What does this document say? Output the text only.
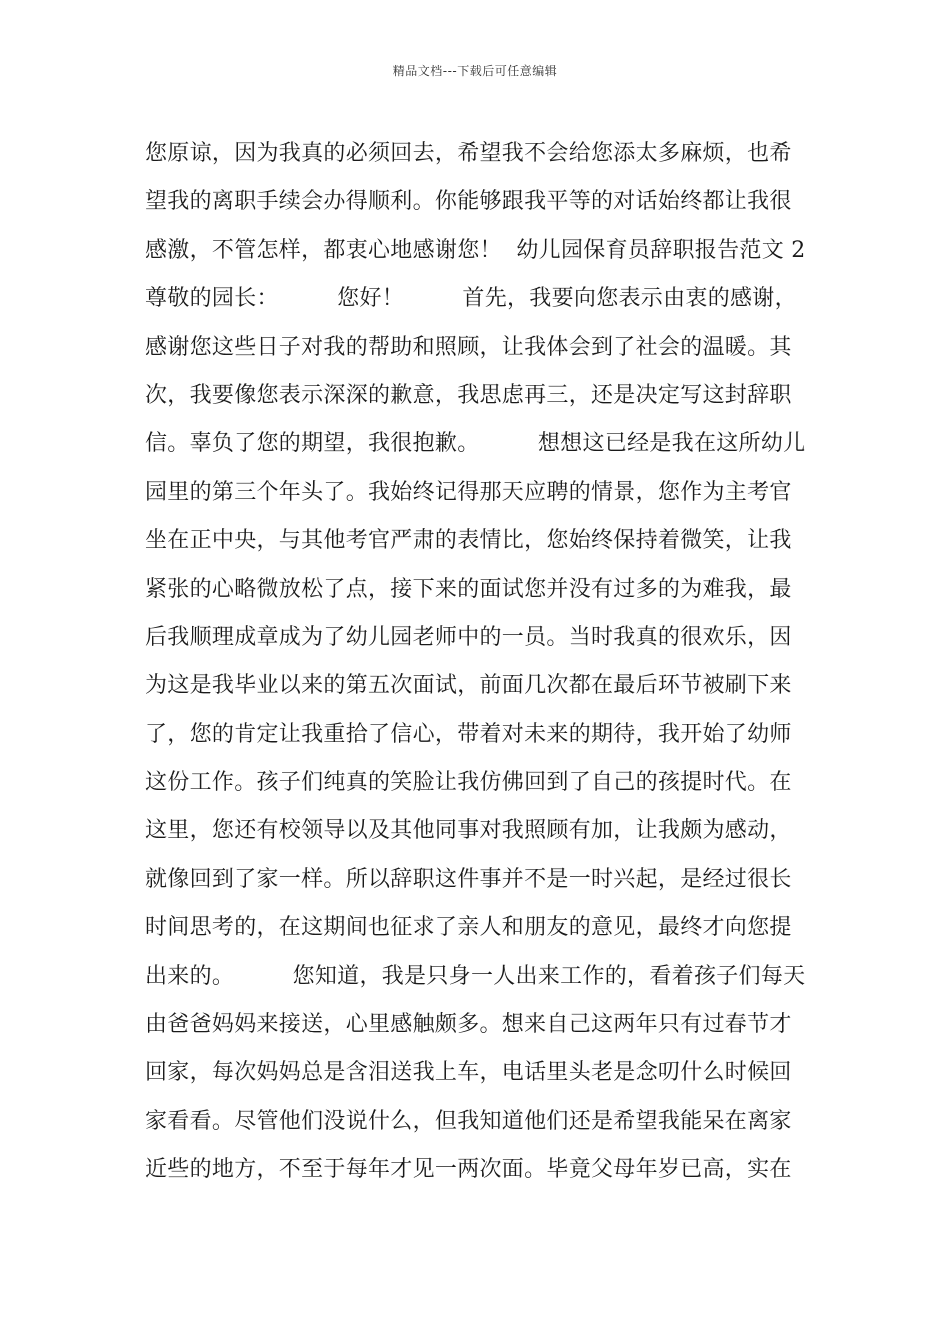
精品文档---下载后可任意编辑
您原谅，因为我真的必须回去，希望我不会给您添太多麻烦，也希
望我的离职手续会办得顺利。你能够跟我平等的对话始终都让我很
感激，不管怎样，都衷心地感谢您！  幼儿园保育员辞职报告范文 2
尊敬的园长：        您好！        首先，我要向您表示由衷的感谢，
感谢您这些日子对我的帮助和照顾，让我体会到了社会的温暖。其
次，我要像您表示深深的歉意，我思虑再三，还是决定写这封辞职
信。辜负了您的期望，我很抱歉。        想想这已经是我在这所幼儿
园里的第三个年头了。我始终记得那天应聘的情景，您作为主考官
坐在正中央，与其他考官严肃的表情比，您始终保持着微笑，让我
紧张的心略微放松了点，接下来的面试您并没有过多的为难我，最
后我顺理成章成为了幼儿园老师中的一员。当时我真的很欢乐，因
为这是我毕业以来的第五次面试，前面几次都在最后环节被刷下来
了，您的肯定让我重拾了信心，带着对未来的期待，我开始了幼师
这份工作。孩子们纯真的笑脸让我仿佛回到了自己的孩提时代。在
这里，您还有校领导以及其他同事对我照顾有加，让我颇为感动，
就像回到了家一样。所以辞职这件事并不是一时兴起，是经过很长
时间思考的，在这期间也征求了亲人和朋友的意见，最终才向您提
出来的。        您知道，我是只身一人出来工作的，看着孩子们每天
由爸爸妈妈来接送，心里感触颇多。想来自己这两年只有过春节才
回家，每次妈妈总是含泪送我上车，电话里头老是念叨什么时候回
家看看。尽管他们没说什么，但我知道他们还是希望我能呆在离家
近些的地方，不至于每年才见一两次面。毕竟父母年岁已高，实在
